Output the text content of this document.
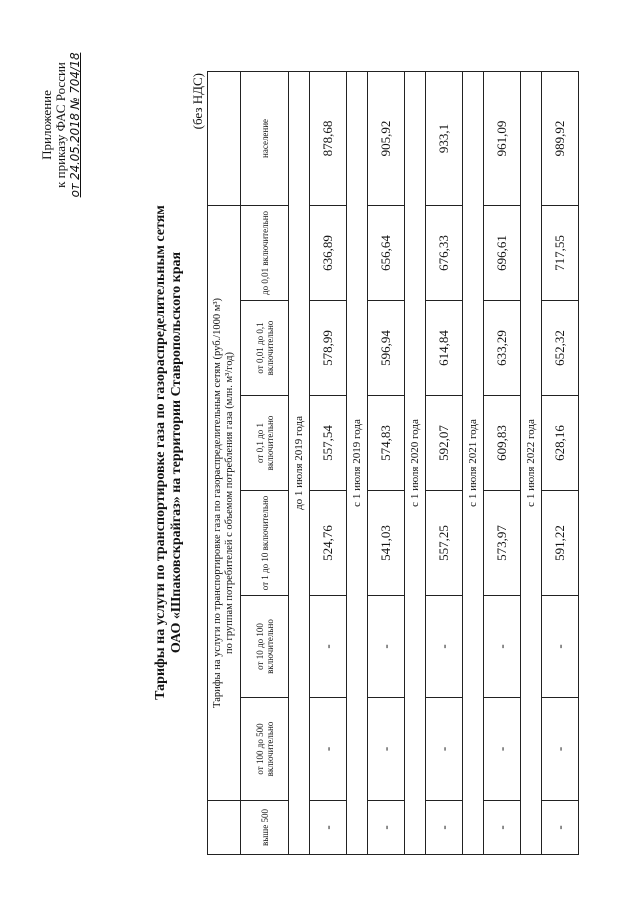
Приложение к приказу ФАС России от 24.05.2018 № 704/18
Тарифы на услуги по транспортировке газа по газораспределительным сетям ОАО «Шпаковскрайгаз» на территории Ставропольского края
(без НДС)

	Тарифы на услуги по транспортировке газа по газораспределительным сетям (руб./1000 м³) по группам потребителей с объемом потребления газа (млн. м³/год)						

выше 500	от 100 до 500 включительно	от 10 до 100 включительно	от 1 до 10 включительно	от 0,1 до 1 включительно	от 0,01 до 0,1 включительно	до 0,01 включительно	население
до 1 июля 2019 года							
-	-	-	524,76	557,54	578,99	636,89	878,68
с 1 июля 2019 года							
-	-	-	541,03	574,83	596,94	656,64	905,92
с 1 июля 2020 года							
-	-	-	557,25	592,07	614,84	676,33	933,1
с 1 июля 2021 года							
-	-	-	573,97	609,83	633,29	696,61	961,09
с 1 июля 2022 года							
-	-	-	591,22	628,16	652,32	717,55	989,92
